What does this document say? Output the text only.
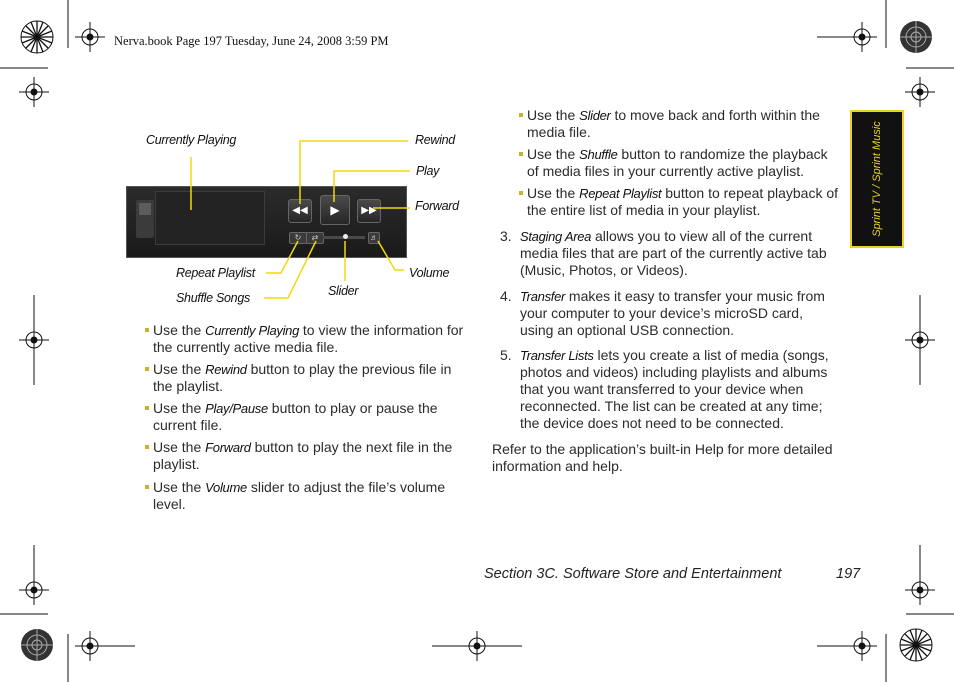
Nerva.book Page 197 Tuesday, June 24, 2008 3:59 PM
Sprint TV / Sprint Music
◀◀	▶	▶▶
↻	⇄	♬
Currently Playing	Rewind
Play
Forward
Repeat Playlist
Shuffle Songs	Slider
Volume
Use the Currently Playing to view the information for the currently active media file.
Use the Rewind button to play the previous file in the playlist.
Use the Play/Pause button to play or pause the current file.
Use the Forward button to play the next file in the playlist.
Use the Volume slider to adjust the file’s volume level.
Use the Slider to move back and forth within the media file.
Use the Shuffle button to randomize the playback of media files in your currently active playlist.
Use the Repeat Playlist button to repeat playback of the entire list of media in your playlist.
3. Staging Area allows you to view all of the current media files that are part of the currently active tab (Music, Photos, or Videos).
4. Transfer makes it easy to transfer your music from your computer to your device’s microSD card, using an optional USB connection.
5. Transfer Lists lets you create a list of media (songs, photos and videos) including playlists and albums that you want transferred to your device when reconnected. The list can be created at any time; the device does not need to be connected.
Refer to the application’s built-in Help for more detailed information and help.
Section 3C. Software Store and Entertainment	197
